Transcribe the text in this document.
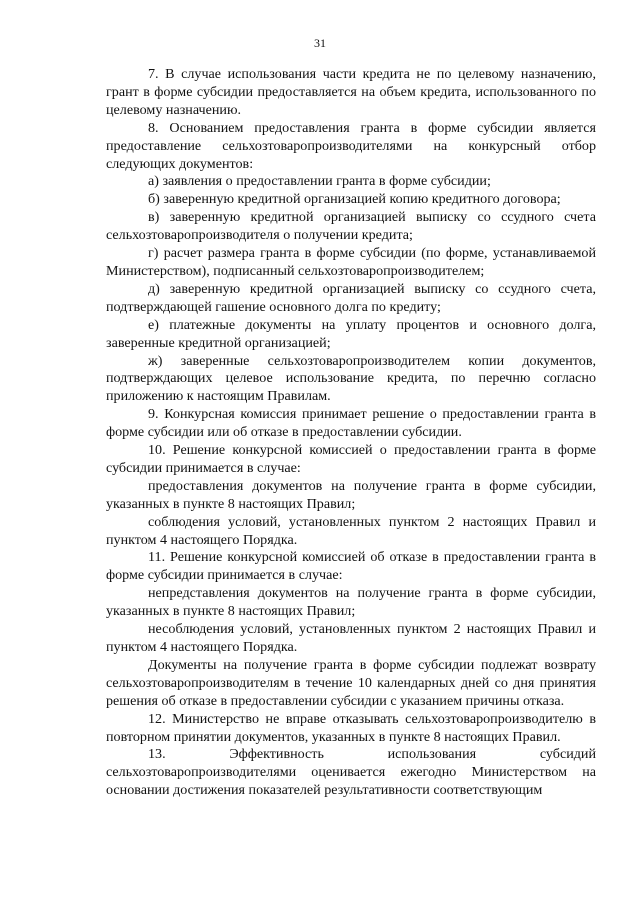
31

7. В случае использования части кредита не по целевому назначению, грант в форме субсидии предоставляется на объем кредита, использованного по целевому назначению.

8. Основанием предоставления гранта в форме субсидии является предоставление сельхозтоваропроизводителями на конкурсный отбор следующих документов:

а) заявления о предоставлении гранта в форме субсидии;

б) заверенную кредитной организацией копию кредитного договора;

в) заверенную кредитной организацией выписку со ссудного счета сельхозтоваропроизводителя о получении кредита;

г) расчет размера гранта в форме субсидии (по форме, устанавливаемой Министерством), подписанный сельхозтоваропроизводителем;

д) заверенную кредитной организацией выписку со ссудного счета, подтверждающей гашение основного долга по кредиту;

е) платежные документы на уплату процентов и основного долга, заверенные кредитной организацией;

ж) заверенные сельхозтоваропроизводителем копии документов, подтверждающих целевое использование кредита, по перечню согласно приложению к настоящим Правилам.

9. Конкурсная комиссия принимает решение о предоставлении гранта в форме субсидии или об отказе в предоставлении субсидии.

10. Решение конкурсной комиссией о предоставлении гранта в форме субсидии принимается в случае:

предоставления документов на получение гранта в форме субсидии, указанных в пункте 8 настоящих Правил;

соблюдения условий, установленных пунктом 2 настоящих Правил и пунктом 4 настоящего Порядка.

11. Решение конкурсной комиссией об отказе в предоставлении гранта в форме субсидии принимается в случае:

непредставления документов на получение гранта в форме субсидии, указанных в пункте 8 настоящих Правил;

несоблюдения условий, установленных пунктом 2 настоящих Правил и пунктом 4 настоящего Порядка.

Документы на получение гранта в форме субсидии подлежат возврату сельхозтоваропроизводителям в течение 10 календарных дней со дня принятия решения об отказе в предоставлении субсидии с указанием причины отказа.

12. Министерство не вправе отказывать сельхозтоваропроизводителю в повторном принятии документов, указанных в пункте 8 настоящих Правил.

13. Эффективность использования субсидий сельхозтоваропроизводителями оценивается ежегодно Министерством на основании достижения показателей результативности соответствующим
